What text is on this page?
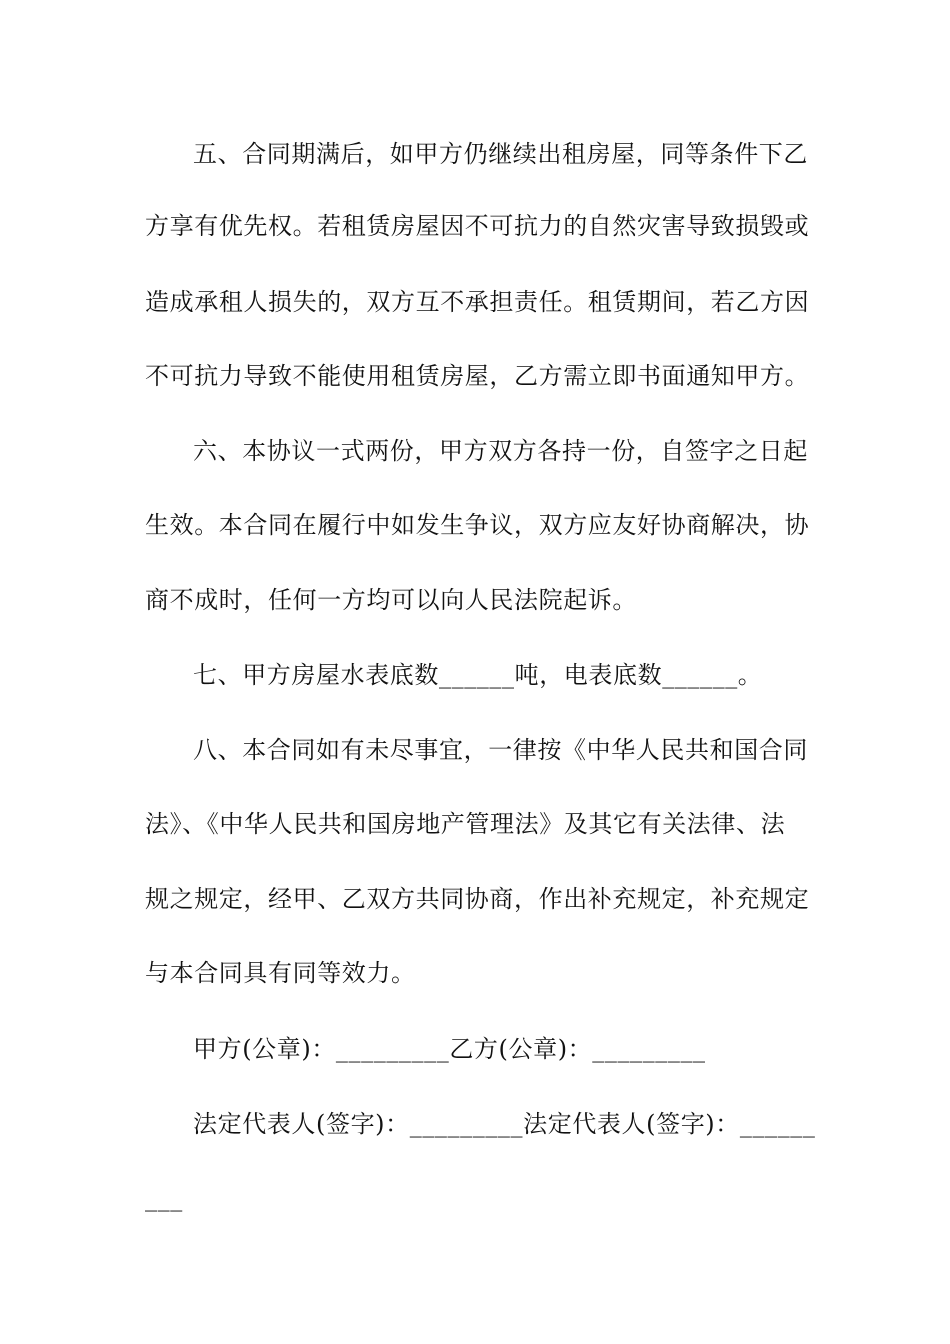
五、合同期满后，如甲方仍继续出租房屋，同等条件下乙
方享有优先权。若租赁房屋因不可抗力的自然灾害导致损毁或
造成承租人损失的，双方互不承担责任。租赁期间，若乙方因
不可抗力导致不能使用租赁房屋，乙方需立即书面通知甲方。
六、本协议一式两份，甲方双方各持一份，自签字之日起
生效。本合同在履行中如发生争议，双方应友好协商解决，协
商不成时，任何一方均可以向人民法院起诉。
七、甲方房屋水表底数______吨，电表底数______。
八、本合同如有未尽事宜，一律按《中华人民共和国合同
法》、《中华人民共和国房地产管理法》及其它有关法律、法
规之规定，经甲、乙双方共同协商，作出补充规定，补充规定
与本合同具有同等效力。
甲方(公章)：_________乙方(公章)：_________
法定代表人(签字)：_________法定代表人(签字)：______
___
